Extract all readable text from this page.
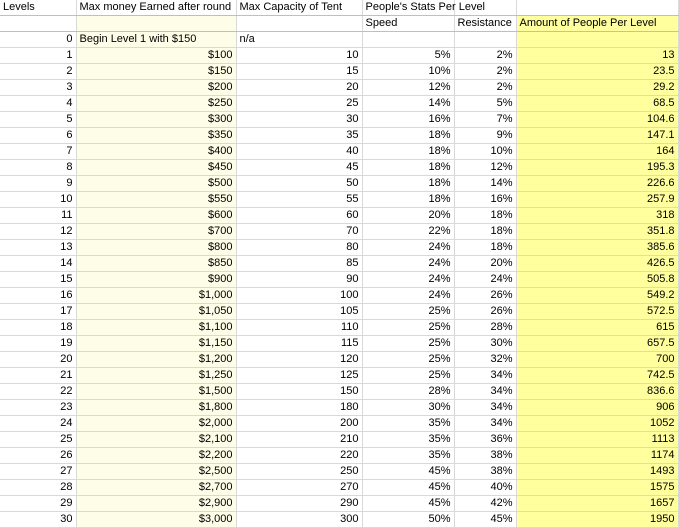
Levels	Max money Earned after round	Max Capacity of Tent	People's Stats Per Level		
			Speed	Resistance	Amount of People Per Level
0	Begin Level 1 with $150	n/a			
1	$100	10	5%	2%	13
2	$150	15	10%	2%	23.5
3	$200	20	12%	2%	29.2
4	$250	25	14%	5%	68.5
5	$300	30	16%	7%	104.6
6	$350	35	18%	9%	147.1
7	$400	40	18%	10%	164
8	$450	45	18%	12%	195.3
9	$500	50	18%	14%	226.6
10	$550	55	18%	16%	257.9
11	$600	60	20%	18%	318
12	$700	70	22%	18%	351.8
13	$800	80	24%	18%	385.6
14	$850	85	24%	20%	426.5
15	$900	90	24%	24%	505.8
16	$1,000	100	24%	26%	549.2
17	$1,050	105	25%	26%	572.5
18	$1,100	110	25%	28%	615
19	$1,150	115	25%	30%	657.5
20	$1,200	120	25%	32%	700
21	$1,250	125	25%	34%	742.5
22	$1,500	150	28%	34%	836.6
23	$1,800	180	30%	34%	906
24	$2,000	200	35%	34%	1052
25	$2,100	210	35%	36%	1113
26	$2,200	220	35%	38%	1174
27	$2,500	250	45%	38%	1493
28	$2,700	270	45%	40%	1575
29	$2,900	290	45%	42%	1657
30	$3,000	300	50%	45%	1950
